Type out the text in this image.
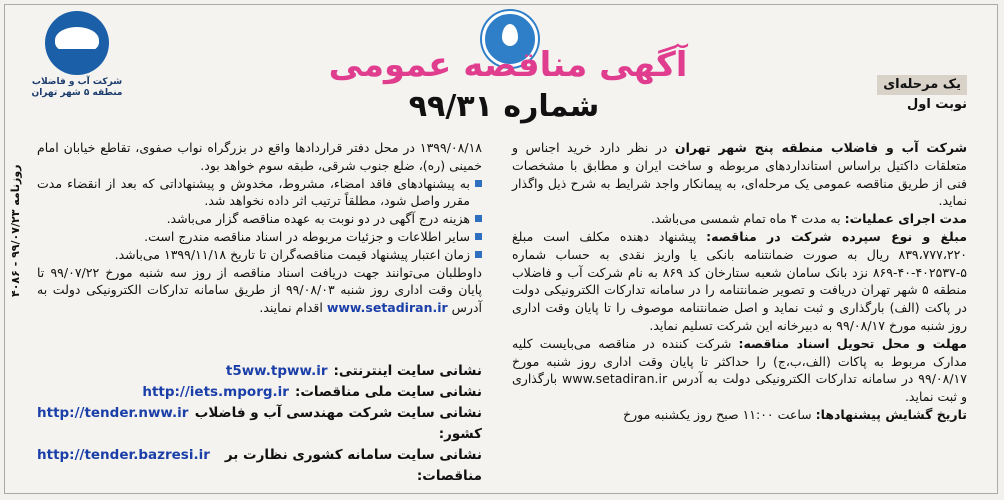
شرکت آب و فاضلاب منطقه ۵ شهر تهران
آگهی مناقصه عمومی شماره ۹۹/۳۱
یک مرحله‌ای
نوبت اول
روزنامه ۹۹/۰۷/۲۳ - ۴۰۸۶

شرکت آب و فاضلاب منطقه پنج شهر تهران در نظر دارد خرید اجناس و متعلقات داکتیل براساس استانداردهای مربوطه و ساخت ایران و مطابق با مشخصات فنی از طریق مناقصه عمومی یک مرحله‌ای، به پیمانکار واجد شرایط به شرح ذیل واگذار نماید.

مدت اجرای عملیات: به مدت ۴ ماه تمام شمسی می‌باشد.

مبلغ و نوع سپرده شرکت در مناقصه: پیشنهاد دهنده مکلف است مبلغ ۸۳۹،۷۷۷،۲۲۰ ریال به صورت ضمانتنامه بانکی یا واریز نقدی به حساب شماره ۵-۴۰۲۵۳۷-۴۰-۸۶۹ نزد بانک سامان شعبه ستارخان کد ۸۶۹ به نام شرکت آب و فاضلاب منطقه ۵ شهر تهران دریافت و تصویر ضمانتنامه را در سامانه تدارکات الکترونیکی دولت در پاکت (الف) بارگذاری و ثبت نماید و اصل ضمانتنامه موصوف را تا پایان وقت اداری روز شنبه مورخ ۹۹/۰۸/۱۷ به دبیرخانه این شرکت تسلیم نماید.

مهلت و محل تحویل اسناد مناقصه: شرکت کننده در مناقصه می‌بایست کلیه مدارک مربوط به پاکات (الف،ب،ج) را حداکثر تا پایان وقت اداری روز شنبه مورخ ۹۹/۰۸/۱۷ در سامانه تدارکات الکترونیکی دولت به آدرس www.setadiran.ir بارگذاری و ثبت نماید.

تاریخ گشایش پیشنهادها: ساعت ۱۱:۰۰ صبح روز یکشنبه مورخ

۱۳۹۹/۰۸/۱۸ در محل دفتر قراردادها واقع در بزرگراه نواب صفوی، تقاطع خیابان امام خمینی (ره)، ضلع جنوب شرقی، طبقه سوم خواهد بود.

به پیشنهادهای فاقد امضاء، مشروط، مخدوش و پیشنهاداتی که بعد از انقضاء مدت مقرر واصل شود، مطلقاً ترتیب اثر داده نخواهد شد.

هزینه درج آگهی در دو نوبت به عهده مناقصه گزار می‌باشد.

سایر اطلاعات و جزئیات مربوطه در اسناد مناقصه مندرج است.

زمان اعتبار پیشنهاد قیمت مناقصه‌گران تا تاریخ ۱۳۹۹/۱۱/۱۸ می‌باشد.

داوطلبان می‌توانند جهت دریافت اسناد مناقصه از روز سه شنبه مورخ ۹۹/۰۷/۲۲ تا پایان وقت اداری روز شنبه ۹۹/۰۸/۰۳ از طریق سامانه تدارکات الکترونیکی دولت به آدرس www.setadiran.ir اقدام نمایند.

نشانی سایت اینترنتی:
t5ww.tpww.ir
نشانی سایت ملی مناقصات:
http://iets.mporg.ir
نشانی سایت شرکت مهندسی آب و فاضلاب کشور:
http://tender.nww.ir
نشانی سایت سامانه کشوری نظارت بر مناقصات:
http://tender.bazresi.ir
